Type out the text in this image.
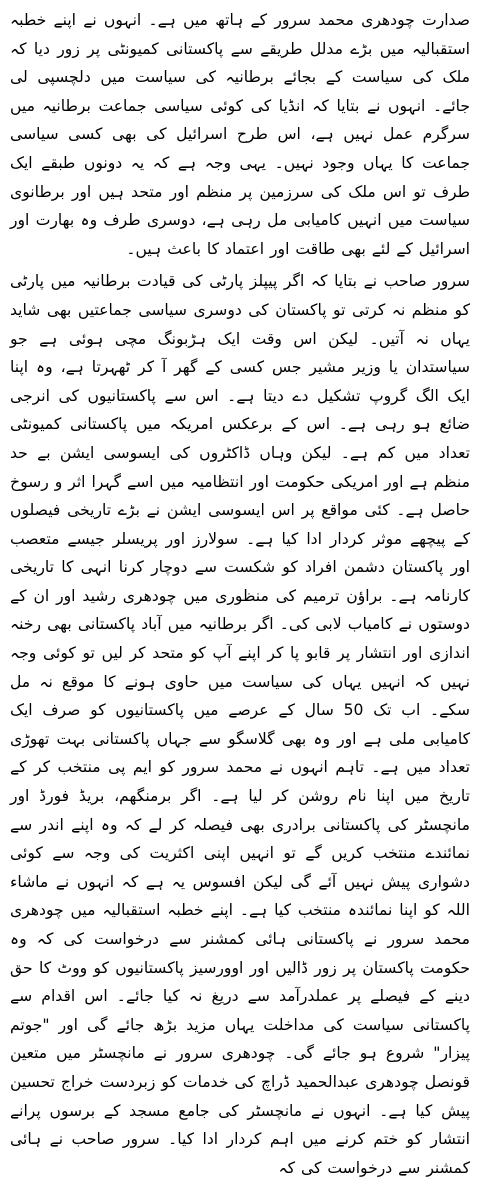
صدارت چودھری محمد سرور کے ہاتھ میں ہے۔ انہوں نے اپنے خطبہ استقبالیہ میں بڑے مدلل طریقے سے پاکستانی کمیونٹی پر زور دیا کہ ملک کی سیاست کے بجائے برطانیہ کی سیاست میں دلچسپی لی جائے۔ انہوں نے بتایا کہ انڈیا کی کوئی سیاسی جماعت برطانیہ میں سرگرم عمل نہیں ہے، اس طرح اسرائیل کی بھی کسی سیاسی جماعت کا یہاں وجود نہیں۔ یہی وجہ ہے کہ یہ دونوں طبقے ایک طرف تو اس ملک کی سرزمین پر منظم اور متحد ہیں اور برطانوی سیاست میں انہیں کامیابی مل رہی ہے، دوسری طرف وہ بھارت اور اسرائیل کے لئے بھی طاقت اور اعتماد کا باعث ہیں۔

سرور صاحب نے بتایا کہ اگر پیپلز پارٹی کی قیادت برطانیہ میں پارٹی کو منظم نہ کرتی تو پاکستان کی دوسری سیاسی جماعتیں بھی شاید یہاں نہ آتیں۔ لیکن اس وقت ایک ہڑبونگ مچی ہوئی ہے جو سیاستدان یا وزیر مشیر جس کسی کے گھر آ کر ٹھہرتا ہے، وہ اپنا ایک الگ گروپ تشکیل دے دیتا ہے۔ اس سے پاکستانیوں کی انرجی ضائع ہو رہی ہے۔ اس کے برعکس امریکہ میں پاکستانی کمیونٹی تعداد میں کم ہے۔ لیکن وہاں ڈاکٹروں کی ایسوسی ایشن بے حد منظم ہے اور امریکی حکومت اور انتظامیہ میں اسے گہرا اثر و رسوخ حاصل ہے۔ کئی مواقع پر اس ایسوسی ایشن نے بڑے تاریخی فیصلوں کے پیچھے موثر کردار ادا کیا ہے۔ سولارز اور پریسلر جیسے متعصب اور پاکستان دشمن افراد کو شکست سے دوچار کرنا انہی کا تاریخی کارنامہ ہے۔ براؤن ترمیم کی منظوری میں چودھری رشید اور ان کے دوستوں نے کامیاب لابی کی۔ اگر برطانیہ میں آباد پاکستانی بھی رخنہ اندازی اور انتشار پر قابو پا کر اپنے آپ کو متحد کر لیں تو کوئی وجہ نہیں کہ انہیں یہاں کی سیاست میں حاوی ہونے کا موقع نہ مل سکے۔ اب تک 50 سال کے عرصے میں پاکستانیوں کو صرف ایک کامیابی ملی ہے اور وہ بھی گلاسگو سے جہاں پاکستانی بہت تھوڑی تعداد میں ہے۔ تاہم انہوں نے محمد سرور کو ایم پی منتخب کر کے تاریخ میں اپنا نام روشن کر لیا ہے۔ اگر برمنگھم، بریڈ فورڈ اور مانچسٹر کی پاکستانی برادری بھی فیصلہ کر لے کہ وہ اپنے اندر سے نمائندے منتخب کریں گے تو انہیں اپنی اکثریت کی وجہ سے کوئی دشواری پیش نہیں آئے گی لیکن افسوس یہ ہے کہ انہوں نے ماشاء اللہ کو اپنا نمائندہ منتخب کیا ہے۔ اپنے خطبہ استقبالیہ میں چودھری محمد سرور نے پاکستانی ہائی کمشنر سے درخواست کی کہ وہ حکومت پاکستان پر زور ڈالیں اور اوورسیز پاکستانیوں کو ووٹ کا حق دینے کے فیصلے پر عملدرآمد سے دریغ نہ کیا جائے۔ اس اقدام سے پاکستانی سیاست کی مداخلت یہاں مزید بڑھ جائے گی اور "جوتم پیزار" شروع ہو جائے گی۔ چودھری سرور نے مانچسٹر میں متعین قونصل چودھری عبدالحمید ڈراچ کی خدمات کو زبردست خراج تحسین پیش کیا ہے۔ انہوں نے مانچسٹر کی جامع مسجد کے برسوں پرانے انتشار کو ختم کرنے میں اہم کردار ادا کیا۔ سرور صاحب نے ہائی کمشنر سے درخواست کی کہ
